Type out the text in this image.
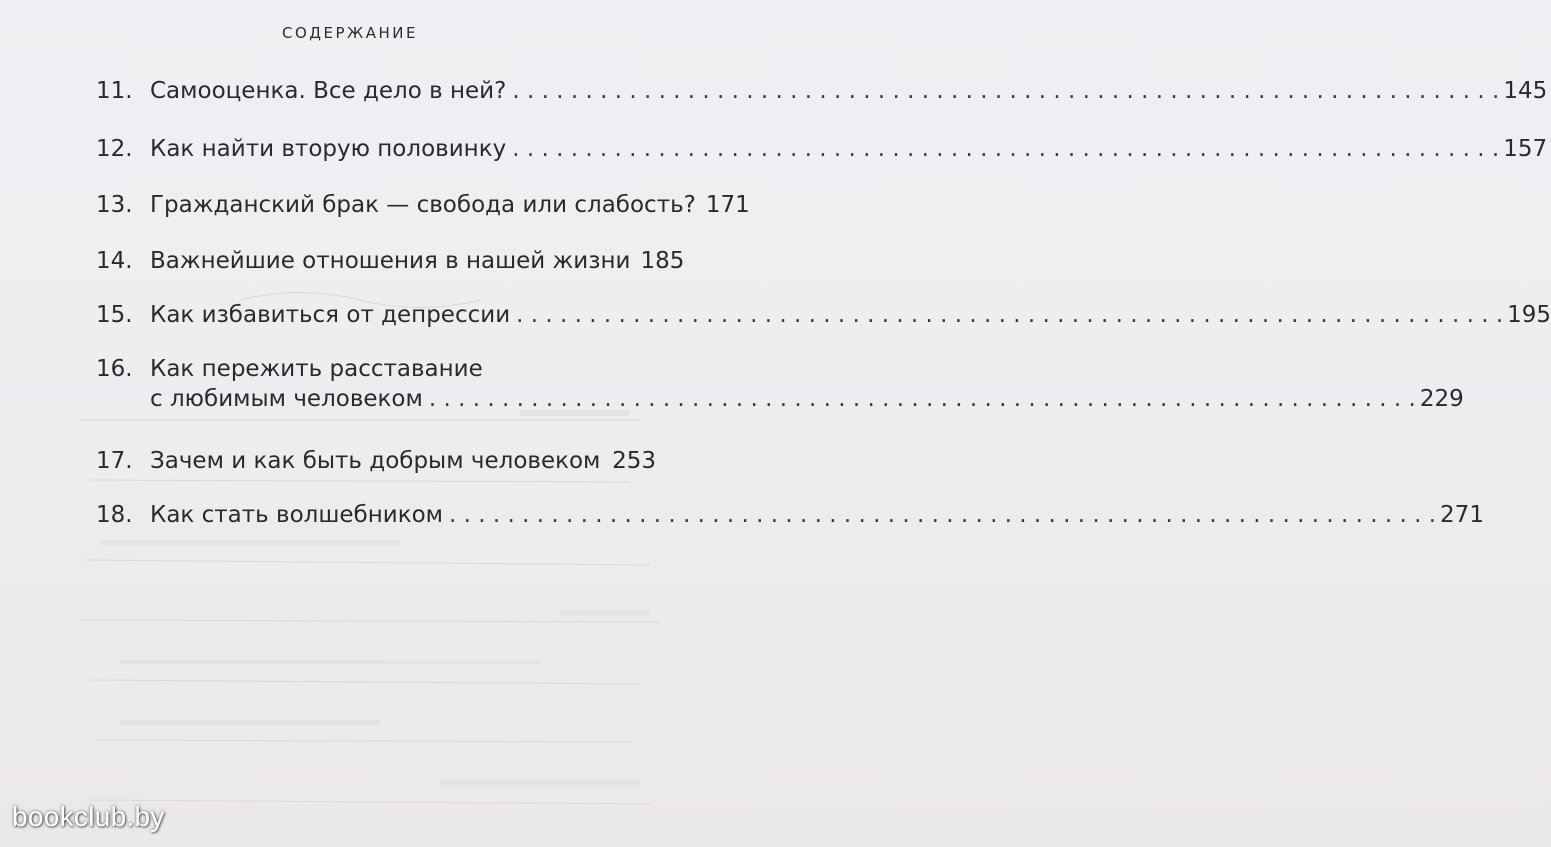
СОДЕРЖАНИЕ
11. Самооценка. Все дело в ней? . . .	145
12. Как найти вторую половинку . . .	157
13. Гражданский брак — свобода или слабость? 171
14. Важнейшие отношения в нашей жизни 185
15. Как избавиться от депрессии . . .	195
16. Как пережить расставание
с любимым человеком . . .	229
17. Зачем и как быть добрым человеком . . . 253
18. Как стать волшебником . . .	271
bookclub.by
